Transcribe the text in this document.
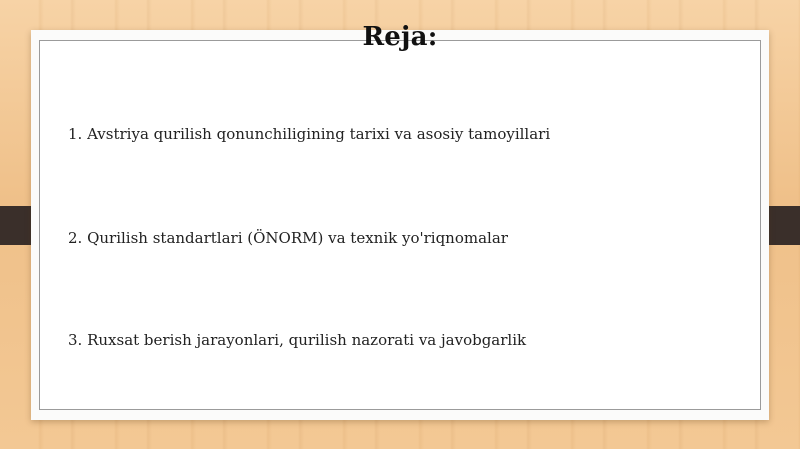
Reja:
1. Avstriya qurilish qonunchiligining tarixi va asosiy tamoyillari
2. Qurilish standartlari (ÖNORM) va texnik yo'riqnomalar
3. Ruxsat berish jarayonlari, qurilish nazorati va javobgarlik
